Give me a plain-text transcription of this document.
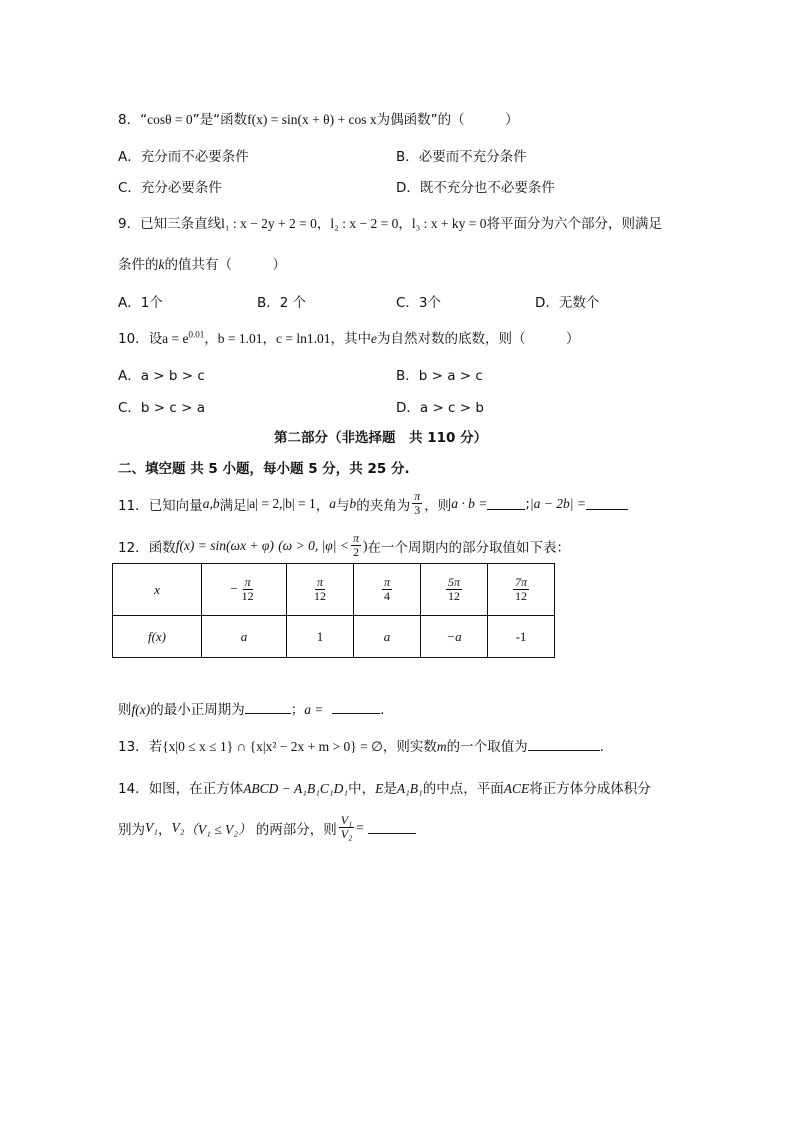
8．“cosθ = 0”是“函数f(x) = sin(x + θ) + cos x为偶函数”的（　　　）
A．充分而不必要条件	B．必要而不充分条件
C．充分必要条件	D．既不充分也不必要条件
9．已知三条直线l₁ : x − 2y + 2 = 0，l₂ : x − 2 = 0，l₃ : x + ky = 0将平面分为六个部分，则满足
条件的k的值共有（　　　）
A．1个	B．2 个	C．3个	D．无数个
10．设$a = e^{0.01}$，b = 1.01，c = ln1.01，其中e为自然对数的底数，则（　　　）
A．a > b > c	B．b > a > c
C．b > c > a	D．a > c > b
第二部分（非选择题　共 110 分）
二、填空题 共 5 小题，每小题 5 分，共 25 分.
11． 已知向量 a,b 满足 |a| = 2,|b| = 1 ， a 与 b 的夹角为 $\frac{\pi}{3}$ ，则 a · b =	; |a − 2b| =
12． 函数 f(x) = sin(ωx + φ)
(ω > 0, $|\varphi| < \frac{\pi}{2}$ ) 在一个周期内的部分取值如下表：
x	− $\frac{\pi}{12}$	$\frac{\pi}{12}$	$\frac{\pi}{4}$	$\frac{5\pi}{12}$	$\frac{7\pi}{12}$

f(x)	a	1	a	−a	-1
则f(x)的最小正周期为	；a =	.
13．若{x|0 ≤ x ≤ 1} ∩ {x|x² − 2x + m > 0} = ∅，则实数m的一个取值为	.
14．如图，在正方体ABCD − A₁B₁C₁D₁中，E是A₁B₁的中点，平面ACE将正方体分成体积分
别为 V₁ ， V₂ （V₁ ≤ V₂）
的两部分，则 $\frac{\text{V₁}}{\text{V₂}}$ =
